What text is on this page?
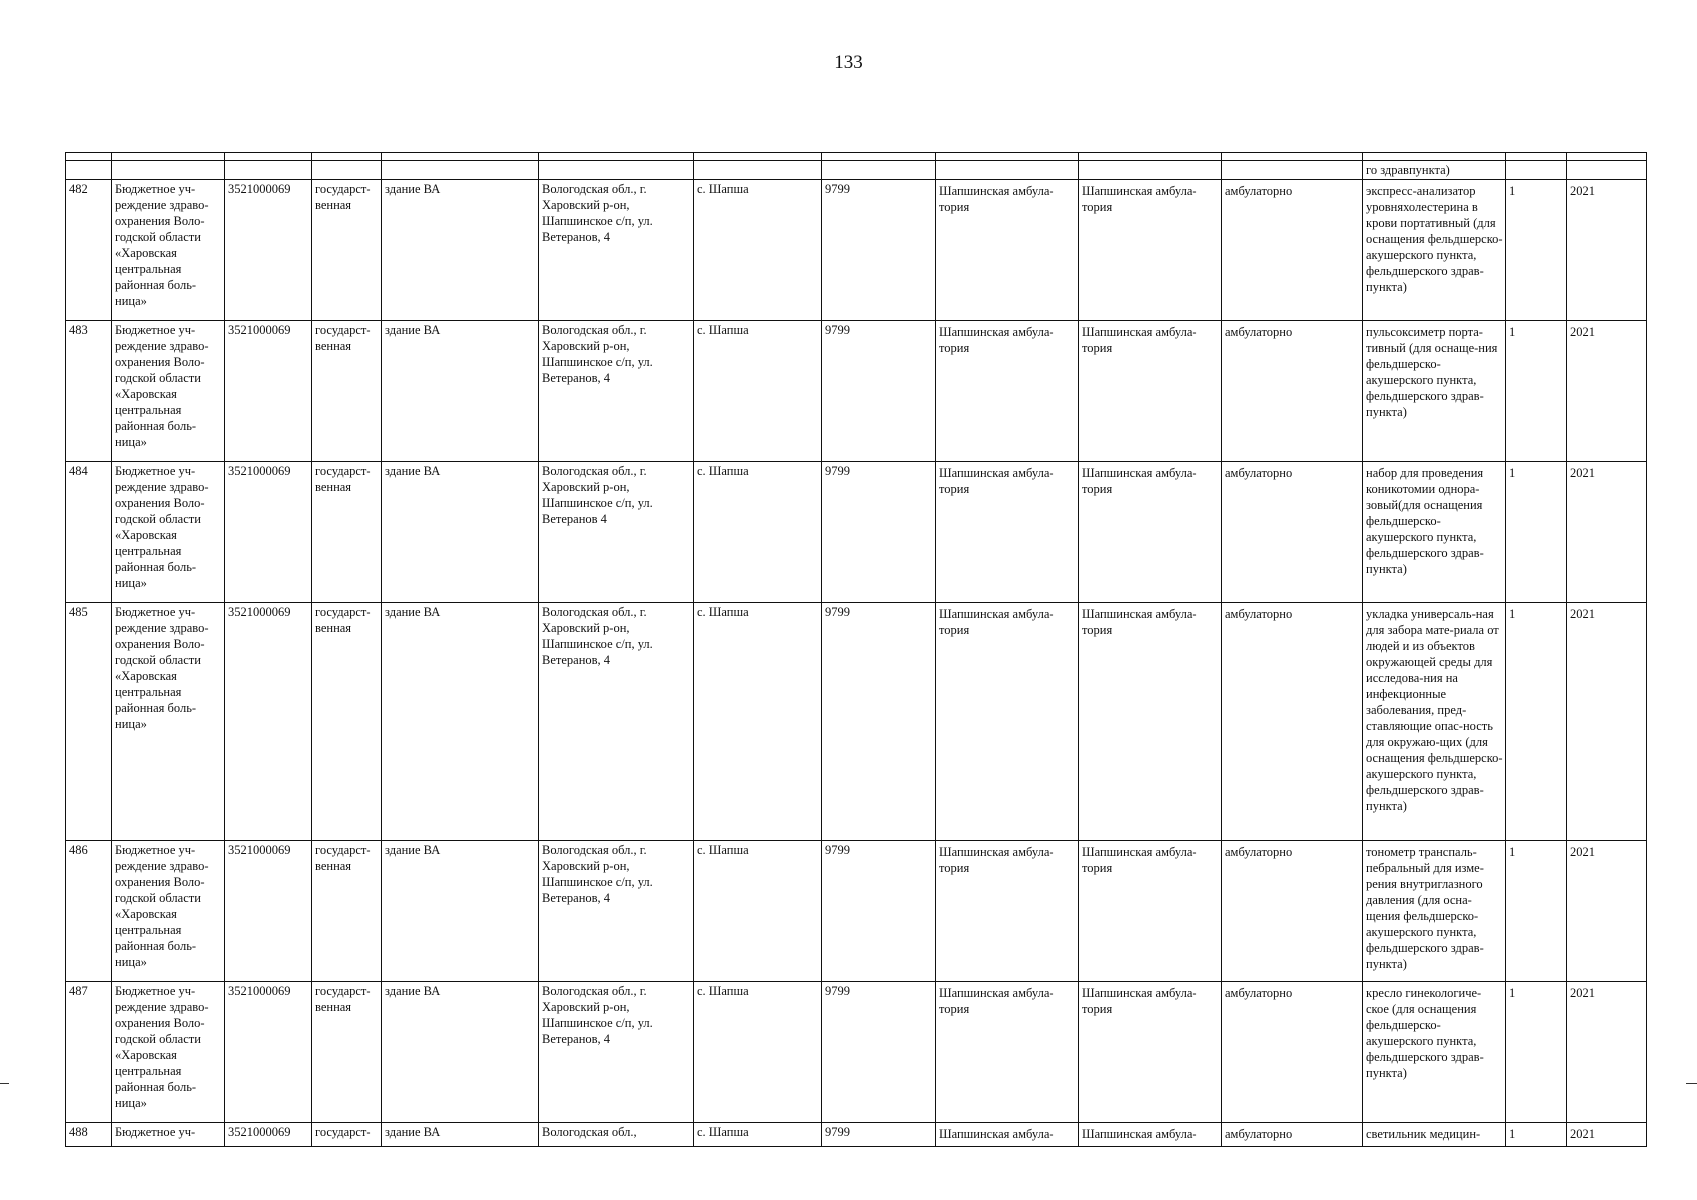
133

											го здравпункта)		
482	Бюджетное уч-реждение здраво-охранения Воло-годской области «Харовская центральная районная боль-ница»	3521000069	государст-венная	здание ВА	Вологодская обл., г. Харовский р-он, Шапшинское с/п, ул. Ветеранов, 4	с. Шапша	9799	Шапшинская амбула-тория	Шапшинская амбула-тория	амбулаторно	экспресс-анализатор уровняхолестерина в крови портативный (для оснащения фельдшерско-акушерского пункта, фельдшерского здрав-пункта)	1	2021
483	Бюджетное уч-реждение здраво-охранения Воло-годской области «Харовская центральная районная боль-ница»	3521000069	государст-венная	здание ВА	Вологодская обл., г. Харовский р-он, Шапшинское с/п, ул. Ветеранов, 4	с. Шапша	9799	Шапшинская амбула-тория	Шапшинская амбула-тория	амбулаторно	пульсоксиметр порта-тивный (для оснаще-ния фельдшерско-акушерского пункта, фельдшерского здрав-пункта)	1	2021
484	Бюджетное уч-реждение здраво-охранения Воло-годской области «Харовская центральная районная боль-ница»	3521000069	государст-венная	здание ВА	Вологодская обл., г. Харовский р-он, Шапшинское с/п, ул. Ветеранов 4	с. Шапша	9799	Шапшинская амбула-тория	Шапшинская амбула-тория	амбулаторно	набор для проведения коникотомии однора-зовый(для оснащения фельдшерско-акушерского пункта, фельдшерского здрав-пункта)	1	2021
485	Бюджетное уч-реждение здраво-охранения Воло-годской области «Харовская центральная районная боль-ница»	3521000069	государст-венная	здание ВА	Вологодская обл., г. Харовский р-он, Шапшинское с/п, ул. Ветеранов, 4	с. Шапша	9799	Шапшинская амбула-тория	Шапшинская амбула-тория	амбулаторно	укладка универсаль-ная для забора мате-риала от людей и из объектов окружающей среды для исследова-ния на инфекционные заболевания, пред-ставляющие опас-ность для окружаю-щих (для оснащения фельдшерско-акушерского пункта, фельдшерского здрав-пункта)	1	2021
486	Бюджетное уч-реждение здраво-охранения Воло-годской области «Харовская центральная районная боль-ница»	3521000069	государст-венная	здание ВА	Вологодская обл., г. Харовский р-он, Шапшинское с/п, ул. Ветеранов, 4	с. Шапша	9799	Шапшинская амбула-тория	Шапшинская амбула-тория	амбулаторно	тонометр транспаль-пебральный для изме-рения внутриглазного давления (для осна-щения фельдшерско-акушерского пункта, фельдшерского здрав-пункта)	1	2021
487	Бюджетное уч-реждение здраво-охранения Воло-годской области «Харовская центральная районная боль-ница»	3521000069	государст-венная	здание ВА	Вологодская обл., г. Харовский р-он, Шапшинское с/п, ул. Ветеранов, 4	с. Шапша	9799	Шапшинская амбула-тория	Шапшинская амбула-тория	амбулаторно	кресло гинекологиче-ское (для оснащения фельдшерско-акушерского пункта, фельдшерского здрав-пункта)	1	2021
488	Бюджетное уч-	3521000069	государст-	здание ВА	Вологодская обл.,	с. Шапша	9799	Шапшинская амбула-	Шапшинская амбула-	амбулаторно	светильник медицин-	1	2021
